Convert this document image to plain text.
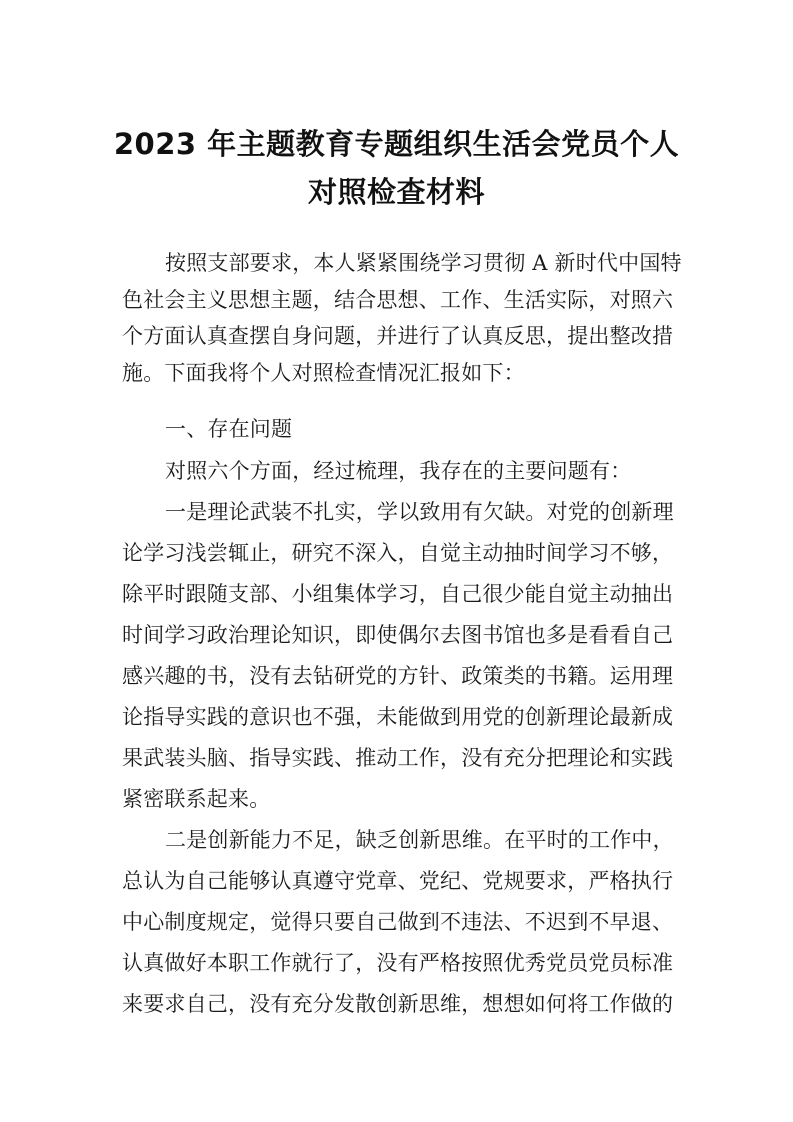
2023 年主题教育专题组织生活会党员个人
对照检查材料
按照支部要求，本人紧紧围绕学习贯彻 A 新时代中国特
色社会主义思想主题，结合思想、工作、生活实际，对照六
个方面认真查摆自身问题，并进行了认真反思，提出整改措
施。下面我将个人对照检查情况汇报如下：
一、存在问题
对照六个方面，经过梳理，我存在的主要问题有：
一是理论武装不扎实，学以致用有欠缺。对党的创新理
论学习浅尝辄止，研究不深入，自觉主动抽时间学习不够，
除平时跟随支部、小组集体学习，自己很少能自觉主动抽出
时间学习政治理论知识，即使偶尔去图书馆也多是看看自己
感兴趣的书，没有去钻研党的方针、政策类的书籍。运用理
论指导实践的意识也不强，未能做到用党的创新理论最新成
果武装头脑、指导实践、推动工作，没有充分把理论和实践
紧密联系起来。
二是创新能力不足，缺乏创新思维。在平时的工作中，
总认为自己能够认真遵守党章、党纪、党规要求，严格执行
中心制度规定，觉得只要自己做到不违法、不迟到不早退、
认真做好本职工作就行了，没有严格按照优秀党员党员标准
来要求自己，没有充分发散创新思维，想想如何将工作做的
